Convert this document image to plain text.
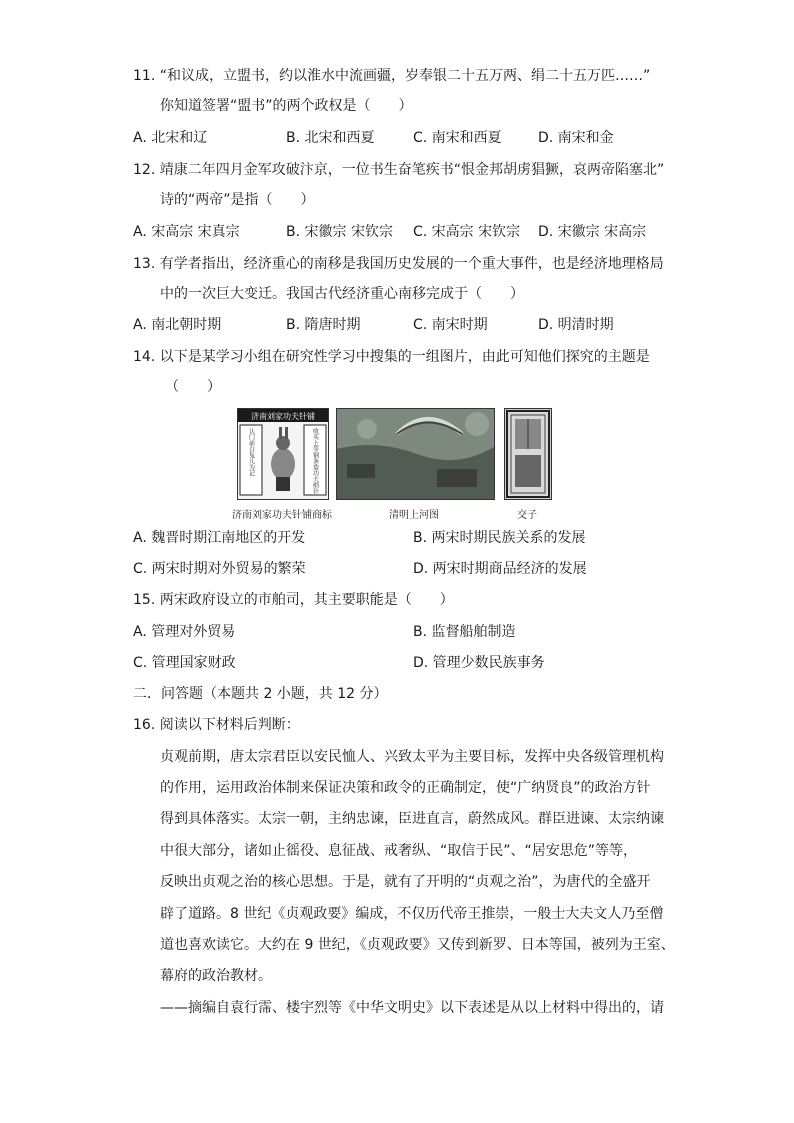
11. “和议成，立盟书，约以淮水中流画疆，岁奉银二十五万两、绢二十五万匹……”
你知道签署“盟书”的两个政权是（　　）
A. 北宋和辽	B. 北宋和西夏	C. 南宋和西夏	D. 南宋和金
12. 靖康二年四月金军攻破汴京，一位书生奋笔疾书“恨金邦胡虏猖獗，哀两帝陷塞北”
诗的“两帝”是指（　　）
A. 宋高宗 宋真宗	B. 宋徽宗 宋钦宗 C. 宋高宗 宋钦宗 D. 宋徽宗 宋高宗
13. 有学者指出，经济重心的南移是我国历史发展的一个重大事件，也是经济地理格局
中的一次巨大变迁。我国古代经济重心南移完成于（　　）
A. 南北朝时期	B. 隋唐时期	C. 南宋时期	D. 明清时期
14. 以下是某学习小组在研究性学习中搜集的一组图片，由此可知他们探究的主题是
（　　）
济南刘家功夫针铺
认门前白兔儿为记	收买上等钢条造功夫细针
济南刘家功夫针铺商标	清明上河图	交子
A. 魏晋时期江南地区的开发	B. 两宋时期民族关系的发展
C. 两宋时期对外贸易的繁荣	D. 两宋时期商品经济的发展
15. 两宋政府设立的市舶司，其主要职能是（　　）
A. 管理对外贸易	B. 监督船舶制造
C. 管理国家财政	D. 管理少数民族事务
二．问答题（本题共 2 小题，共 12 分）
16. 阅读以下材料后判断：
贞观前期，唐太宗君臣以安民恤人、兴致太平为主要目标，发挥中央各级管理机构
的作用，运用政治体制来保证决策和政令的正确制定，使“广纳贤良”的政治方针
得到具体落实。太宗一朝，主纳忠谏，臣进直言，蔚然成风。群臣进谏、太宗纳谏
中很大部分，诸如止徭役、息征战、戒奢纵、“取信于民”、“居安思危”等等，
反映出贞观之治的核心思想。于是，就有了开明的“贞观之治”，为唐代的全盛开
辟了道路。8 世纪《贞观政要》编成，不仅历代帝王推崇，一般士大夫文人乃至僧
道也喜欢读它。大约在 9 世纪，《贞观政要》又传到新罗、日本等国，被列为王室、
幕府的政治教材。
——摘编自袁行霈、楼宇烈等《中华文明史》以下表述是从以上材料中得出的，请
